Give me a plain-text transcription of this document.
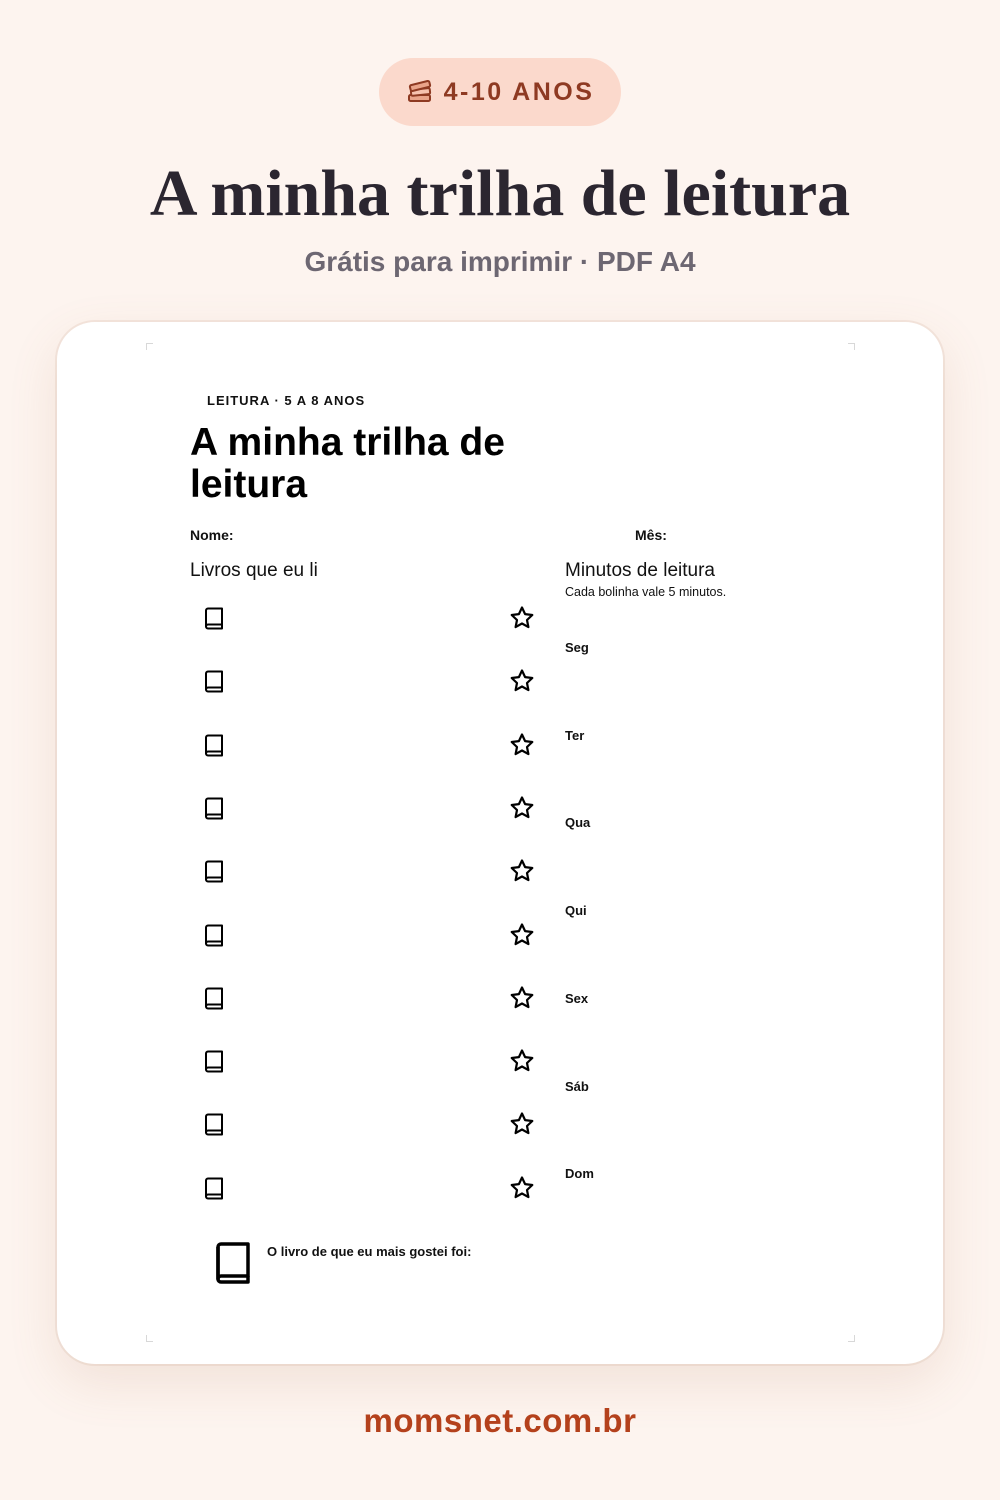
4-10 ANOS
A minha trilha de leitura
Grátis para imprimir · PDF A4
LEITURA · 5 A 8 ANOS
A minha trilha de leitura
Nome:	Mês:
Livros que eu li	Minutos de leitura
Cada bolinha vale 5 minutos.
Seg
Ter
Qua
Qui
Sex
Sáb
Dom
O livro de que eu mais gostei foi:
momsnet.com.br
